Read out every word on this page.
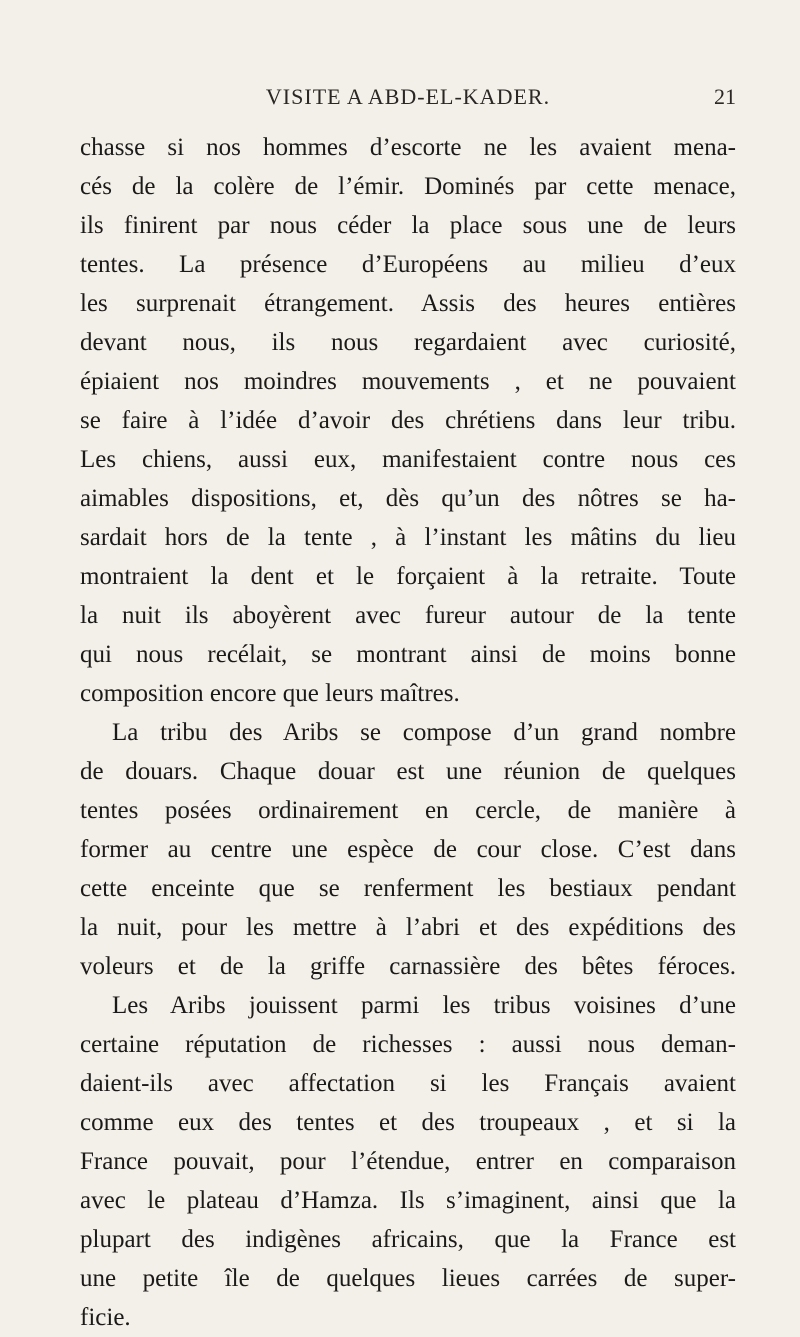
VISITE A ABD-EL-KADER.	21
chasse si nos hommes d’escorte ne les avaient mena-
cés de la colère de l’émir. Dominés par cette menace,
ils finirent par nous céder la place sous une de leurs
tentes. La présence d’Européens au milieu d’eux
les surprenait étrangement. Assis des heures entières
devant nous, ils nous regardaient avec curiosité,
épiaient nos moindres mouvements , et ne pouvaient
se faire à l’idée d’avoir des chrétiens dans leur tribu.
Les chiens, aussi eux, manifestaient contre nous ces
aimables dispositions, et, dès qu’un des nôtres se ha-
sardait hors de la tente , à l’instant les mâtins du lieu
montraient la dent et le forçaient à la retraite. Toute
la nuit ils aboyèrent avec fureur autour de la tente
qui nous recélait, se montrant ainsi de moins bonne
composition encore que leurs maîtres.
La tribu des Aribs se compose d’un grand nombre
de douars. Chaque douar est une réunion de quelques
tentes posées ordinairement en cercle, de manière à
former au centre une espèce de cour close. C’est dans
cette enceinte que se renferment les bestiaux pendant
la nuit, pour les mettre à l’abri et des expéditions des
voleurs et de la griffe carnassière des bêtes féroces.
Les Aribs jouissent parmi les tribus voisines d’une
certaine réputation de richesses : aussi nous deman-
daient-ils avec affectation si les Français avaient
comme eux des tentes et des troupeaux , et si la
France pouvait, pour l’étendue, entrer en comparaison
avec le plateau d’Hamza. Ils s’imaginent, ainsi que la
plupart des indigènes africains, que la France est
une petite île de quelques lieues carrées de super-
ficie.
